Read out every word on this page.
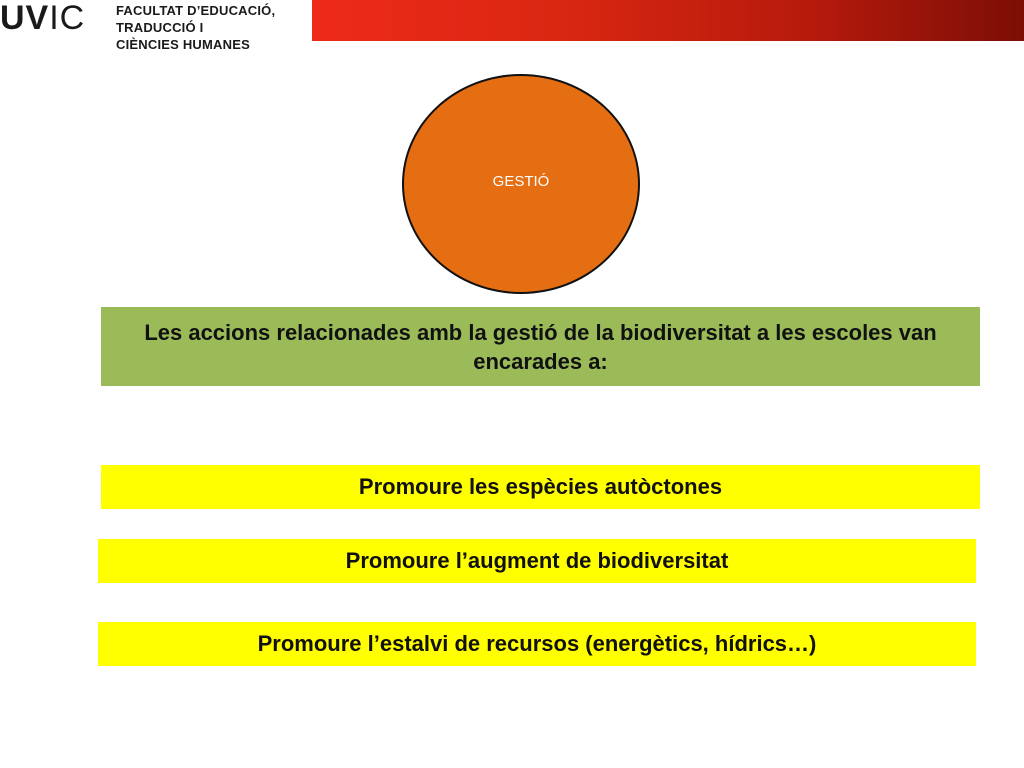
UVIC FACULTAT D’EDUCACIÓ,
TRADUCCIÓ I
CIÈNCIES HUMANES
GESTIÓ
Les accions relacionades amb la gestió de la biodiversitat a les escoles van encarades a:
Promoure les espècies autòctones
Promoure l’augment de biodiversitat
Promoure l’estalvi de recursos (energètics, hídrics…)
